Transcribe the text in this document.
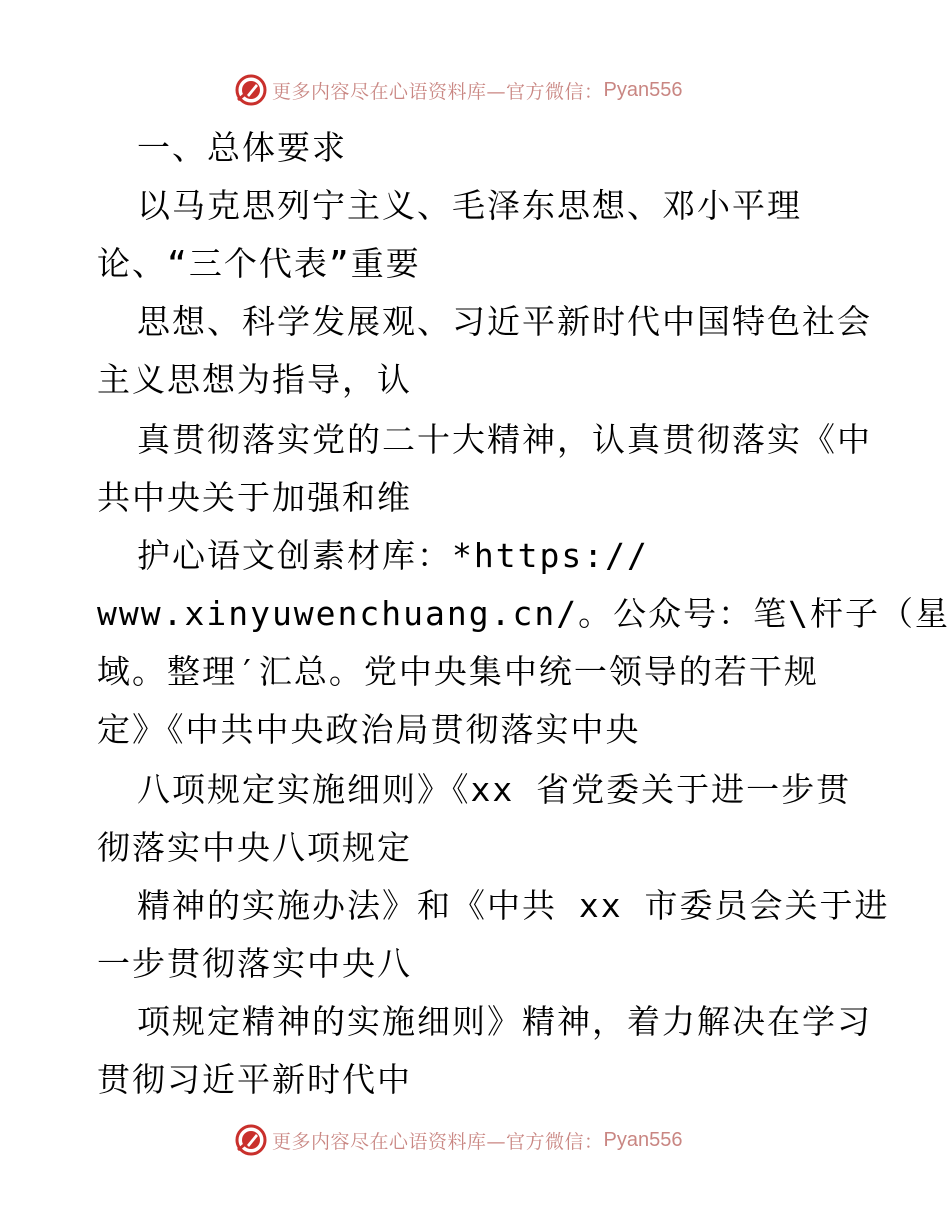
更多内容尽在心语资料库—官方微信： Pyan556
一、总体要求
以马克思列宁主义、毛泽东思想、邓小平理
论、“三个代表”重要
思想、科学发展观、习近平新时代中国特色社会
主义思想为指导，认
真贯彻落实党的二十大精神，认真贯彻落实《中
共中央关于加强和维
护心语文创素材库：*https://
www.xinyuwenchuang.cn/。公众号：笔\杆子（星
域。整理′汇总。党中央集中统一领导的若干规
定》《中共中央政治局贯彻落实中央
八项规定实施细则》《xx 省党委关于进一步贯
彻落实中央八项规定
精神的实施办法》和《中共 xx 市委员会关于进
一步贯彻落实中央八
项规定精神的实施细则》精神，着力解决在学习
贯彻习近平新时代中
更多内容尽在心语资料库—官方微信： Pyan556
